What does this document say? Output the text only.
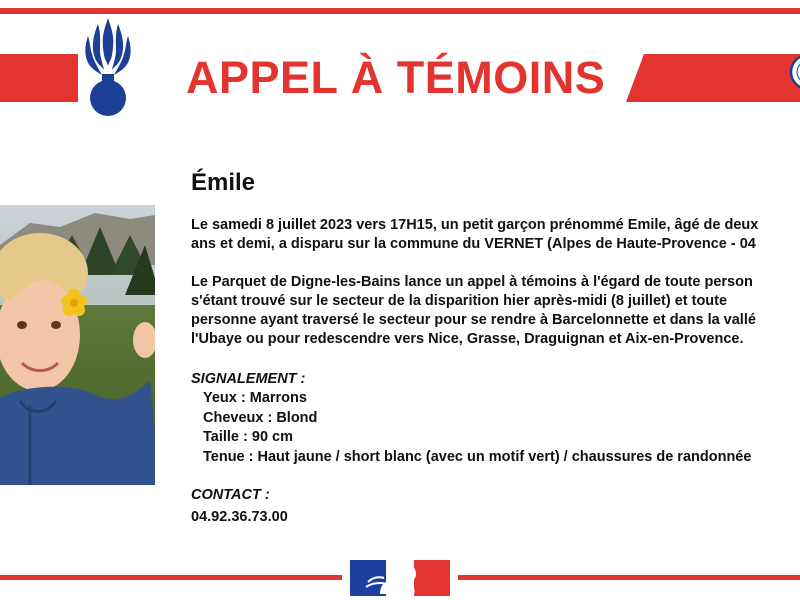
APPEL À TÉMOINS
Émile

Le samedi 8 juillet 2023 vers 17H15, un petit garçon prénommé Emile, âgé de deux
ans et demi, a disparu sur la commune du VERNET (Alpes de Haute-Provence - 04

Le Parquet de Digne-les-Bains lance un appel à témoins à l'égard de toute person
s'étant trouvé sur le secteur de la disparition hier après-midi (8 juillet) et toute
personne ayant traversé le secteur pour se rendre à Barcelonnette et dans la vallé
l'Ubaye ou pour redescendre vers Nice, Grasse, Draguignan et Aix-en-Provence.

SIGNALEMENT :
Yeux : Marrons
Cheveux : Blond
Taille : 90 cm
Tenue : Haut jaune / short blanc (avec un motif vert) / chaussures de randonnée
CONTACT :
04.92.36.73.00
